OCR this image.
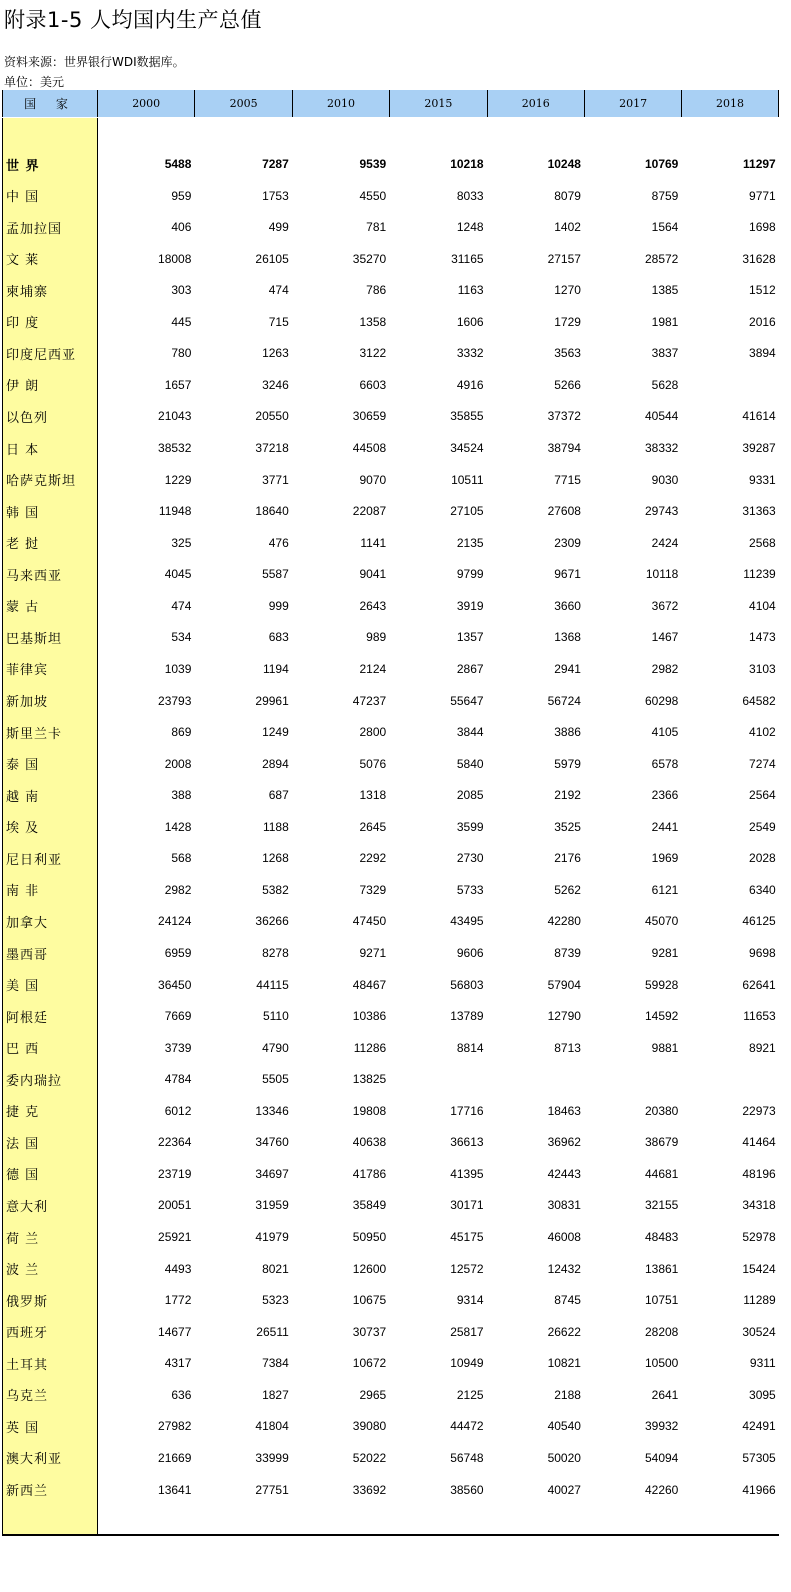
附录1-5 人均国内生产总值
资料来源：世界银行WDI数据库。
单位：美元
国 家	2000	2005	2010	2015	2016	2017	2018
世 界	5488	7287	9539	10218	10248	10769	11297
中 国	959	1753	4550	8033	8079	8759	9771
孟加拉国	406	499	781	1248	1402	1564	1698
文 莱	18008	26105	35270	31165	27157	28572	31628
柬埔寨	303	474	786	1163	1270	1385	1512
印 度	445	715	1358	1606	1729	1981	2016
印度尼西亚	780	1263	3122	3332	3563	3837	3894
伊 朗	1657	3246	6603	4916	5266	5628
以色列	21043	20550	30659	35855	37372	40544	41614
日 本	38532	37218	44508	34524	38794	38332	39287
哈萨克斯坦	1229	3771	9070	10511	7715	9030	9331
韩 国	11948	18640	22087	27105	27608	29743	31363
老 挝	325	476	1141	2135	2309	2424	2568
马来西亚	4045	5587	9041	9799	9671	10118	11239
蒙 古	474	999	2643	3919	3660	3672	4104
巴基斯坦	534	683	989	1357	1368	1467	1473
菲律宾	1039	1194	2124	2867	2941	2982	3103
新加坡	23793	29961	47237	55647	56724	60298	64582
斯里兰卡	869	1249	2800	3844	3886	4105	4102
泰 国	2008	2894	5076	5840	5979	6578	7274
越 南	388	687	1318	2085	2192	2366	2564
埃 及	1428	1188	2645	3599	3525	2441	2549
尼日利亚	568	1268	2292	2730	2176	1969	2028
南 非	2982	5382	7329	5733	5262	6121	6340
加拿大	24124	36266	47450	43495	42280	45070	46125
墨西哥	6959	8278	9271	9606	8739	9281	9698
美 国	36450	44115	48467	56803	57904	59928	62641
阿根廷	7669	5110	10386	13789	12790	14592	11653
巴 西	3739	4790	11286	8814	8713	9881	8921
委内瑞拉	4784	5505	13825
捷 克	6012	13346	19808	17716	18463	20380	22973
法 国	22364	34760	40638	36613	36962	38679	41464
德 国	23719	34697	41786	41395	42443	44681	48196
意大利	20051	31959	35849	30171	30831	32155	34318
荷 兰	25921	41979	50950	45175	46008	48483	52978
波 兰	4493	8021	12600	12572	12432	13861	15424
俄罗斯	1772	5323	10675	9314	8745	10751	11289
西班牙	14677	26511	30737	25817	26622	28208	30524
土耳其	4317	7384	10672	10949	10821	10500	9311
乌克兰	636	1827	2965	2125	2188	2641	3095
英 国	27982	41804	39080	44472	40540	39932	42491
澳大利亚	21669	33999	52022	56748	50020	54094	57305
新西兰	13641	27751	33692	38560	40027	42260	41966
